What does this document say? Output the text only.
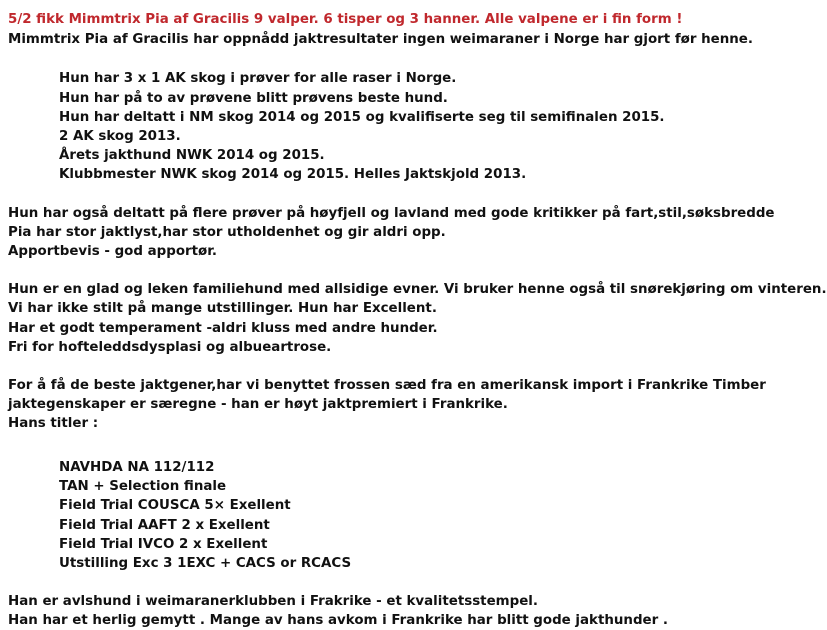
5/2 fikk Mimmtrix Pia af Gracilis 9 valper. 6 tisper og 3 hanner. Alle valpene er i fin form !
Mimmtrix Pia af Gracilis har oppnådd jaktresultater ingen weimaraner i Norge har gjort før henne.
Hun har 3 x 1 AK skog i prøver for alle raser i Norge.
Hun har på to av prøvene blitt prøvens beste hund.
Hun har deltatt i NM skog 2014 og 2015 og kvalifiserte seg til semifinalen 2015.
2 AK skog 2013.
Årets jakthund NWK 2014 og 2015.
Klubbmester NWK skog 2014 og 2015. Helles Jaktskjold 2013.
Hun har også deltatt på flere prøver på høyfjell og lavland med gode kritikker på fart,stil,søksbredde
Pia har stor jaktlyst,har stor utholdenhet og gir aldri opp.
Apportbevis - god apportør.
Hun er en glad og leken familiehund med allsidige evner. Vi bruker henne også til snørekjøring om vinteren.
Vi har ikke stilt på mange utstillinger. Hun har Excellent.
Har et godt temperament -aldri kluss med andre hunder.
Fri for hofteleddsdysplasi og albueartrose.
For å få de beste jaktgener,har vi benyttet frossen sæd fra en amerikansk import i Frankrike Timber
jaktegenskaper er særegne - han er høyt jaktpremiert i Frankrike.
Hans titler :
NAVHDA NA 112/112
TAN + Selection finale
Field Trial COUSCA 5× Exellent
Field Trial AAFT 2 x Exellent
Field Trial IVCO 2 x Exellent
Utstilling Exc 3 1EXC + CACS or RCACS
Han er avlshund i weimaranerklubben i Frakrike - et kvalitetsstempel.
Han har et herlig gemytt . Mange av hans avkom i Frankrike har blitt gode jakthunder .
